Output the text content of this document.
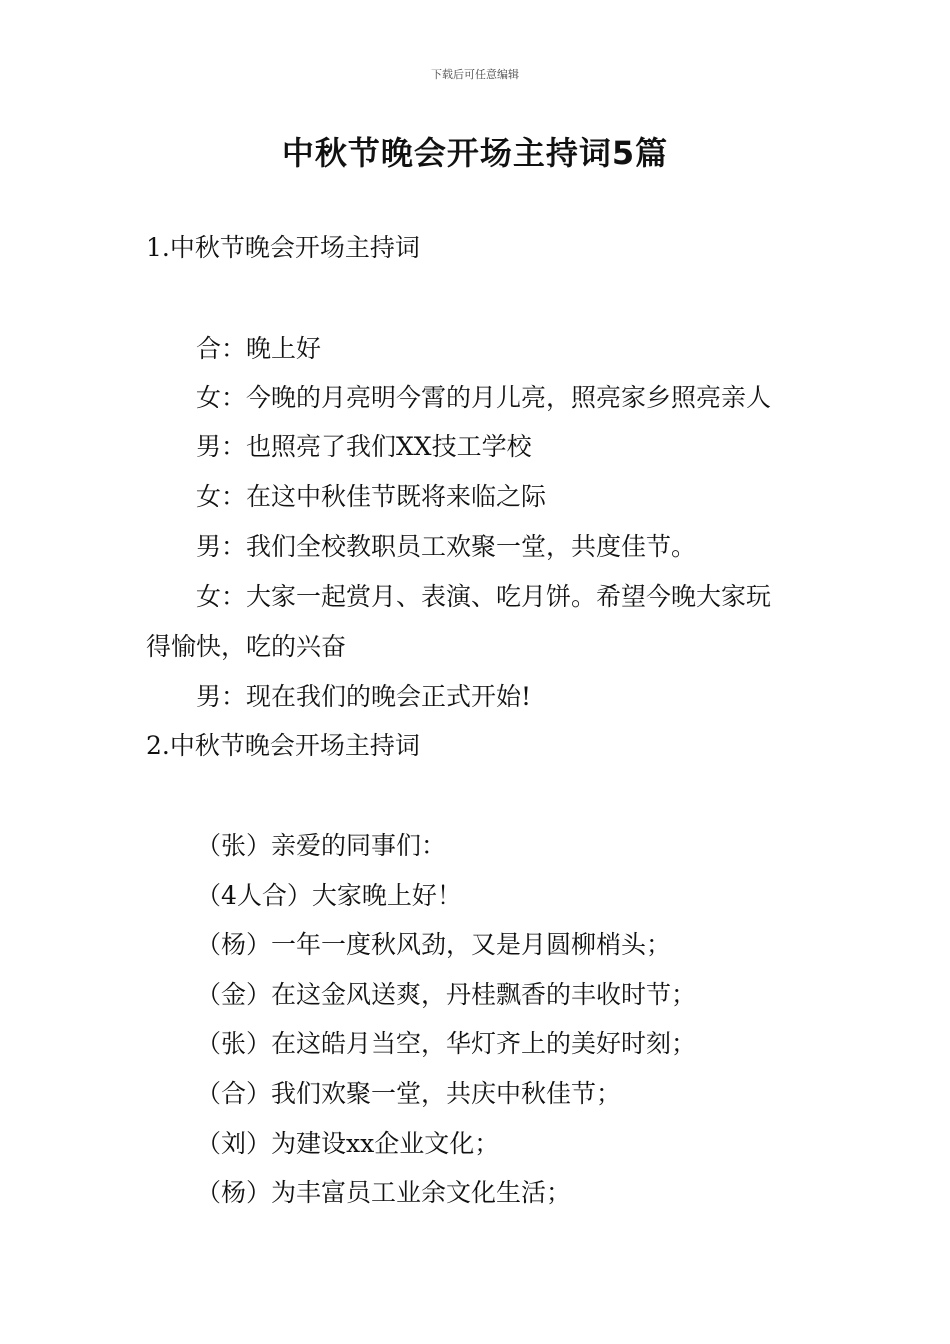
下载后可任意编辑
中秋节晚会开场主持词5篇
1.中秋节晚会开场主持词
合：晚上好
女：今晚的月亮明今霄的月儿亮，照亮家乡照亮亲人
男：也照亮了我们XX技工学校
女：在这中秋佳节既将来临之际
男：我们全校教职员工欢聚一堂，共度佳节。
女：大家一起赏月、表演、吃月饼。希望今晚大家玩
得愉快，吃的兴奋
男：现在我们的晚会正式开始!
2.中秋节晚会开场主持词
（张）亲爱的同事们：
（4人合）大家晚上好！
（杨）一年一度秋风劲，又是月圆柳梢头；
（金）在这金风送爽，丹桂飘香的丰收时节；
（张）在这皓月当空，华灯齐上的美好时刻；
（合）我们欢聚一堂，共庆中秋佳节；
（刘）为建设xx企业文化；
（杨）为丰富员工业余文化生活；
